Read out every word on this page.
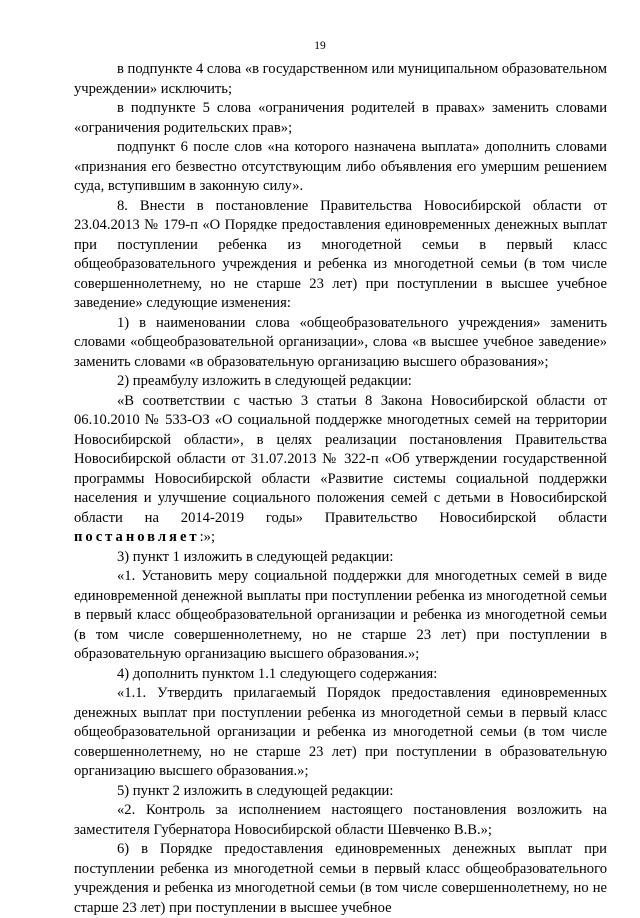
19

в подпункте 4 слова «в государственном или муниципальном образовательном учреждении» исключить;

в подпункте 5 слова «ограничения родителей в правах» заменить словами «ограничения родительских прав»;

подпункт 6 после слов «на которого назначена выплата» дополнить словами «признания его безвестно отсутствующим либо объявления его умершим решением суда, вступившим в законную силу».

8. Внести в постановление Правительства Новосибирской области от 23.04.2013 № 179-п «О Порядке предоставления единовременных денежных выплат при поступлении ребенка из многодетной семьи в первый класс общеобразовательного учреждения и ребенка из многодетной семьи (в том числе совершеннолетнему, но не старше 23 лет) при поступлении в высшее учебное заведение» следующие изменения:

1) в наименовании слова «общеобразовательного учреждения» заменить словами «общеобразовательной организации», слова «в высшее учебное заведение» заменить словами «в образовательную организацию высшего образования»;

2) преамбулу изложить в следующей редакции:

«В соответствии с частью 3 статьи 8 Закона Новосибирской области от 06.10.2010 № 533-ОЗ «О социальной поддержке многодетных семей на территории Новосибирской области», в целях реализации постановления Правительства Новосибирской области от 31.07.2013 № 322-п «Об утверждении государственной программы Новосибирской области «Развитие системы социальной поддержки населения и улучшение социального положения семей с детьми в Новосибирской области на 2014-2019 годы» Правительство Новосибирской области постановляет:»;

3) пункт 1 изложить в следующей редакции:

«1. Установить меру социальной поддержки для многодетных семей в виде единовременной денежной выплаты при поступлении ребенка из многодетной семьи в первый класс общеобразовательной организации и ребенка из многодетной семьи (в том числе совершеннолетнему, но не старше 23 лет) при поступлении в образовательную организацию высшего образования.»;

4) дополнить пунктом 1.1 следующего содержания:

«1.1. Утвердить прилагаемый Порядок предоставления единовременных денежных выплат при поступлении ребенка из многодетной семьи в первый класс общеобразовательной организации и ребенка из многодетной семьи (в том числе совершеннолетнему, но не старше 23 лет) при поступлении в образовательную организацию высшего образования.»;

5) пункт 2 изложить в следующей редакции:

«2. Контроль за исполнением настоящего постановления возложить на заместителя Губернатора Новосибирской области Шевченко В.В.»;

6) в Порядке предоставления единовременных денежных выплат при поступлении ребенка из многодетной семьи в первый класс общеобразовательного учреждения и ребенка из многодетной семьи (в том числе совершеннолетнему, но не старше 23 лет) при поступлении в высшее учебное
